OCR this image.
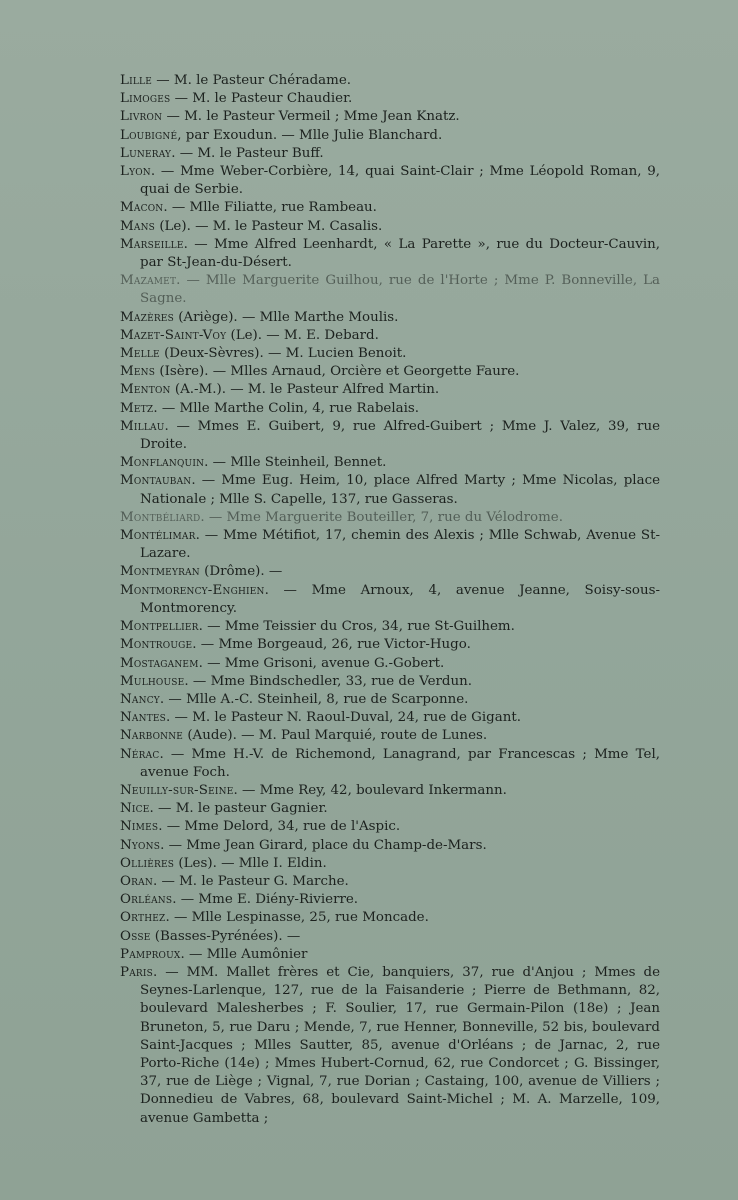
Lille — M. le Pasteur Chéradame.

Limoges — M. le Pasteur Chaudier.

Livron — M. le Pasteur Vermeil ; Mme Jean Knatz.

Loubigné, par Exoudun. — Mlle Julie Blanchard.

Luneray. — M. le Pasteur Buff.

Lyon. — Mme Weber-Corbière, 14, quai Saint-Clair ; Mme Léopold Roman, 9, quai de Serbie.

Macon. — Mlle Filiatte, rue Rambeau.

Mans (Le). — M. le Pasteur M. Casalis.

Marseille. — Mme Alfred Leenhardt, « La Parette », rue du Docteur-Cauvin, par St-Jean-du-Désert.

Mazamet. — Mlle Marguerite Guilhou, rue de l'Horte ; Mme P. Bonneville, La Sagne.

Mazères (Ariège). — Mlle Marthe Moulis.

Mazet-Saint-Voy (Le). — M. E. Debard.

Melle (Deux-Sèvres). — M. Lucien Benoit.

Mens (Isère). — Mlles Arnaud, Orcière et Georgette Faure.

Menton (A.-M.). — M. le Pasteur Alfred Martin.

Metz. — Mlle Marthe Colin, 4, rue Rabelais.

Millau. — Mmes E. Guibert, 9, rue Alfred-Guibert ; Mme J. Valez, 39, rue Droite.

Monflanquin. — Mlle Steinheil, Bennet.

Montauban. — Mme Eug. Heim, 10, place Alfred Marty ; Mme Nicolas, place Nationale ; Mlle S. Capelle, 137, rue Gasseras.

Montbéliard. — Mme Marguerite Bouteiller, 7, rue du Vélodrome.

Montélimar. — Mme Métifiot, 17, chemin des Alexis ; Mlle Schwab, Avenue St-Lazare.

Montmeyran (Drôme). —

Montmorency-Enghien. — Mme Arnoux, 4, avenue Jeanne, Soisy-sous-Montmorency.

Montpellier. — Mme Teissier du Cros, 34, rue St-Guilhem.

Montrouge. — Mme Borgeaud, 26, rue Victor-Hugo.

Mostaganem. — Mme Grisoni, avenue G.-Gobert.

Mulhouse. — Mme Bindschedler, 33, rue de Verdun.

Nancy. — Mlle A.-C. Steinheil, 8, rue de Scarponne.

Nantes. — M. le Pasteur N. Raoul-Duval, 24, rue de Gigant.

Narbonne (Aude). — M. Paul Marquié, route de Lunes.

Nérac. — Mme H.-V. de Richemond, Lanagrand, par Francescas ; Mme Tel, avenue Foch.

Neuilly-sur-Seine. — Mme Rey, 42, boulevard Inkermann.

Nice. — M. le pasteur Gagnier.

Nimes. — Mme Delord, 34, rue de l'Aspic.

Nyons. — Mme Jean Girard, place du Champ-de-Mars.

Ollières (Les). — Mlle I. Eldin.

Oran. — M. le Pasteur G. Marche.

Orléans. — Mme E. Diény-Rivierre.

Orthez. — Mlle Lespinasse, 25, rue Moncade.

Osse (Basses-Pyrénées). —

Pamproux. — Mlle Aumônier

Paris. — MM. Mallet frères et Cie, banquiers, 37, rue d'Anjou ; Mmes de Seynes-Larlenque, 127, rue de la Faisanderie ; Pierre de Bethmann, 82, boulevard Malesherbes ; F. Soulier, 17, rue Germain-Pilon (18e) ; Jean Bruneton, 5, rue Daru ; Mende, 7, rue Henner, Bonneville, 52 bis, boulevard Saint-Jacques ; Mlles Sautter, 85, avenue d'Orléans ; de Jarnac, 2, rue Porto-Riche (14e) ; Mmes Hubert-Cornud, 62, rue Condorcet ; G. Bissinger, 37, rue de Liège ; Vignal, 7, rue Dorian ; Castaing, 100, avenue de Villiers ; Donnedieu de Vabres, 68, boulevard Saint-Michel ; M. A. Marzelle, 109, avenue Gambetta ;
